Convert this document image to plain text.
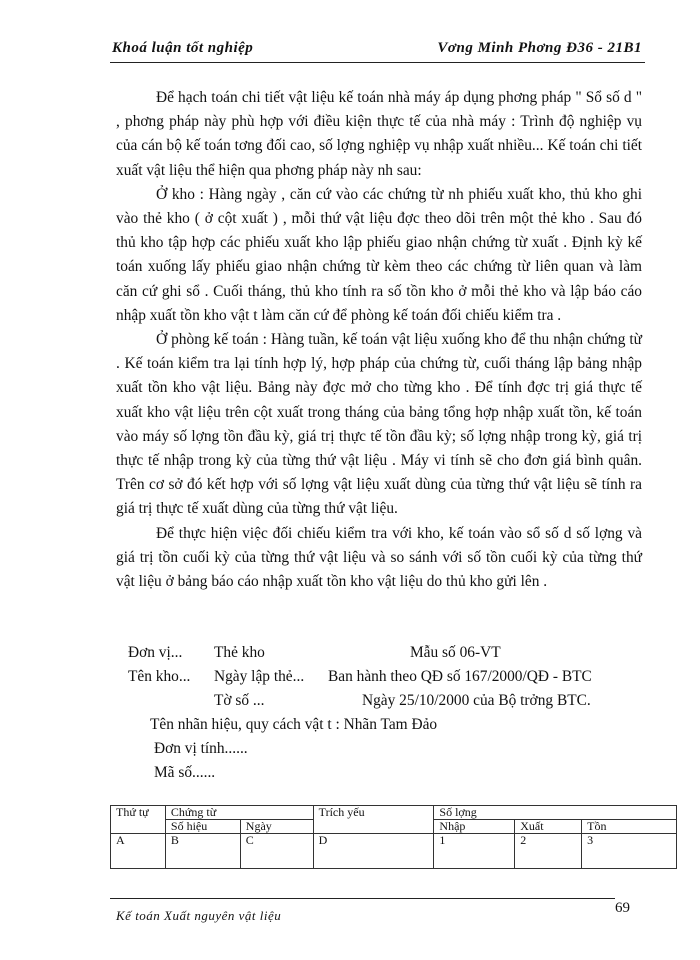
Khoá luận tốt nghiệp	Vơng Minh Phơng Đ36 - 21B1

Để hạch toán chi tiết vật liệu kế toán nhà máy áp dụng phơng pháp " Sổ số d " , phơng pháp này phù hợp với điều kiện thực tế của nhà máy : Trình độ nghiệp vụ của cán bộ kế toán tơng đối cao, số lợng nghiệp vụ nhập xuất nhiều... Kế toán chi tiết xuất vật liệu thể hiện qua phơng pháp này nh sau:

Ở kho : Hàng ngày , căn cứ vào các chứng từ nh phiếu xuất kho, thủ kho ghi vào thẻ kho ( ở cột xuất ) , mỗi thứ vật liệu đợc theo dõi trên một thẻ kho . Sau đó thủ kho tập hợp các phiếu xuất kho lập phiếu giao nhận chứng từ xuất . Định kỳ kế toán xuống lấy phiếu giao nhận chứng từ kèm theo các chứng từ liên quan và làm căn cứ ghi sổ . Cuối tháng, thủ kho tính ra số tồn kho ở mỗi thẻ kho và lập báo cáo nhập xuất tồn kho vật t làm căn cứ để phòng kế toán đối chiếu kiểm tra .

Ở phòng kế toán : Hàng tuần, kế toán vật liệu xuống kho để thu nhận chứng từ . Kế toán kiểm tra lại tính hợp lý, hợp pháp của chứng từ, cuối tháng lập bảng nhập xuất tồn kho vật liệu. Bảng này đợc mở cho từng kho . Để tính đợc trị giá thực tế xuất kho vật liệu trên cột xuất trong tháng của bảng tổng hợp nhập xuất tồn, kế toán vào máy số lợng tồn đầu kỳ, giá trị thực tế tồn đầu kỳ; số lợng nhập trong kỳ, giá trị thực tế nhập trong kỳ của từng thứ vật liệu . Máy vi tính sẽ cho đơn giá bình quân. Trên cơ sở đó kết hợp với số lợng vật liệu xuất dùng của từng thứ vật liệu sẽ tính ra giá trị thực tế xuất dùng của từng thứ vật liệu.

Để thực hiện việc đối chiếu kiểm tra với kho, kế toán vào sổ số d số lợng và giá trị tồn cuối kỳ của từng thứ vật liệu và so sánh với số tồn cuối kỳ của từng thứ vật liệu ở bảng báo cáo nhập xuất tồn kho vật liệu do thủ kho gửi lên .

Đơn vị... Thẻ kho	Mẫu số 06-VT
Tên kho... Ngày lập thẻ... Ban hành theo QĐ số 167/2000/QĐ - BTC
Tờ số ...	Ngày 25/10/2000 của Bộ trởng BTC.
Tên nhãn hiệu, quy cách vật t : Nhãn Tam Đảo
Đơn vị tính......
Mã số......
Thứ tự	Chứng từ		Trích yếu	Số lợng		
	Số hiệu	Ngày		Nhập	Xuất	Tồn
A	B	C	D	1	2	3
Kế toán Xuất nguyên vật liệu	69
